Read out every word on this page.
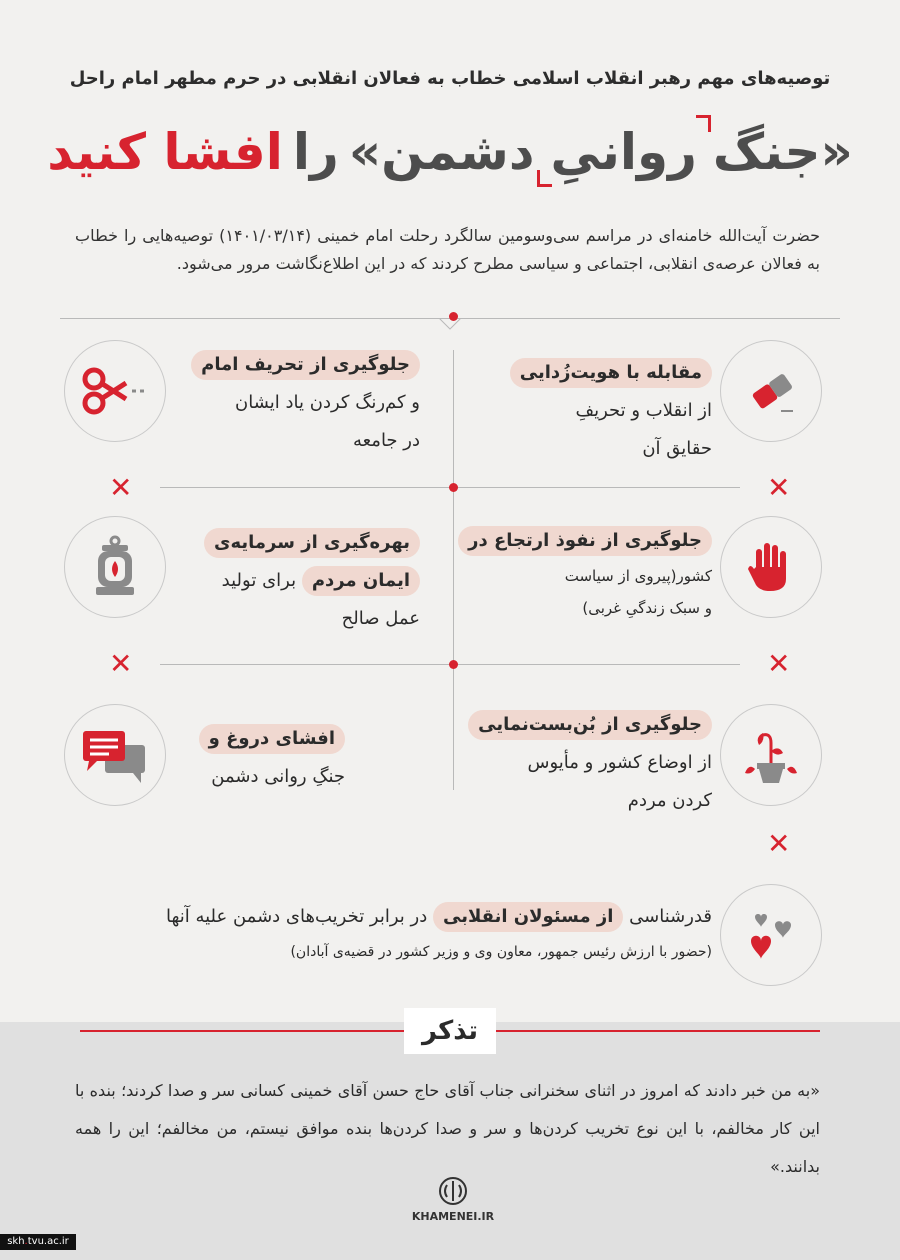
توصیه‌های مهم رهبر انقلاب اسلامی خطاب به فعالان انقلابی در حرم مطهر امام راحل
«جنگ
روانیِ
دشمن»
را
افشا کنید
حضرت آیت‌الله خامنه‌ای در مراسم سی‌وسومین سالگرد رحلت امام خمینی (۱۴۰۱/۰۳/۱۴) توصیه‌هایی را خطاب به فعالان عرصه‌ی انقلابی، اجتماعی و سیاسی مطرح کردند که در این اطلاع‌نگاشت مرور می‌شود.
✕	✕
✕	✕
✕
مقابله با هویت‌زُدایی
از انقلاب و تحریفِ
حقایق آن
جلوگیری از تحریف امام
و کم‌رنگ کردن یاد ایشان
در جامعه
جلوگیری از نفوذ ارتجاع در
کشور(پیروی از سیاست
و سبک زندگیِ غربی)
بهره‌گیری از سرمایه‌ی
ایمان مردم برای تولید
عمل صالح
جلوگیری از بُن‌بست‌نمایی
از اوضاع کشور و مأیوس
کردن مردم
افشای دروغ و
جنگِ روانی دشمن
قدرشناسی از مسئولان انقلابی در برابر تخریب‌های دشمن علیه آنها
(حضور با ارزش رئیس جمهور، معاون وی و وزیر کشور در قضیه‌ی آبادان)
تذکر
«به من خبر دادند که امروز در اثنای سخنرانی جناب آقای حاج حسن آقای خمینی کسانی سر و صدا کردند؛ بنده با این کار مخالفم، با این نوع تخریب کردن‌ها و سر و صدا کردن‌ها بنده موافق نیستم، من مخالفم؛ این را همه بدانند.»
KHAMENEI.IR
skh.tvu.ac.ir
